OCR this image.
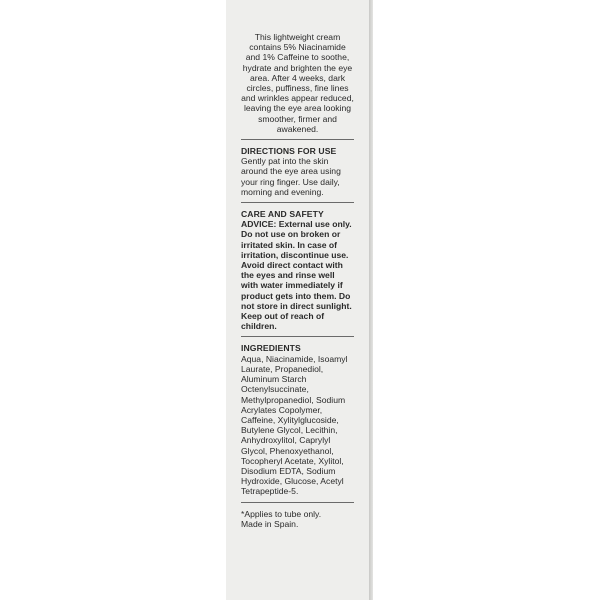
This lightweight cream contains 5% Niacinamide and 1% Caffeine to soothe, hydrate and brighten the eye area. After 4 weeks, dark circles, puffiness, fine lines and wrinkles appear reduced, leaving the eye area looking smoother, firmer and awakened.

DIRECTIONS FOR USE

Gently pat into the skin around the eye area using your ring finger. Use daily, morning and evening.

CARE AND SAFETY

ADVICE: External use only. Do not use on broken or irritated skin. In case of irritation, discontinue use. Avoid direct contact with the eyes and rinse well with water immediately if product gets into them. Do not store in direct sunlight. Keep out of reach of children.

INGREDIENTS

Aqua, Niacinamide, Isoamyl Laurate, Propanediol, Aluminum Starch Octenylsuccinate, Methylpropanediol, Sodium Acrylates Copolymer, Caffeine, Xylitylglucoside, Butylene Glycol, Lecithin, Anhydroxylitol, Caprylyl Glycol, Phenoxyethanol, Tocopheryl Acetate, Xylitol, Disodium EDTA, Sodium Hydroxide, Glucose, Acetyl Tetrapeptide-5.

*Applies to tube only.

Made in Spain.
